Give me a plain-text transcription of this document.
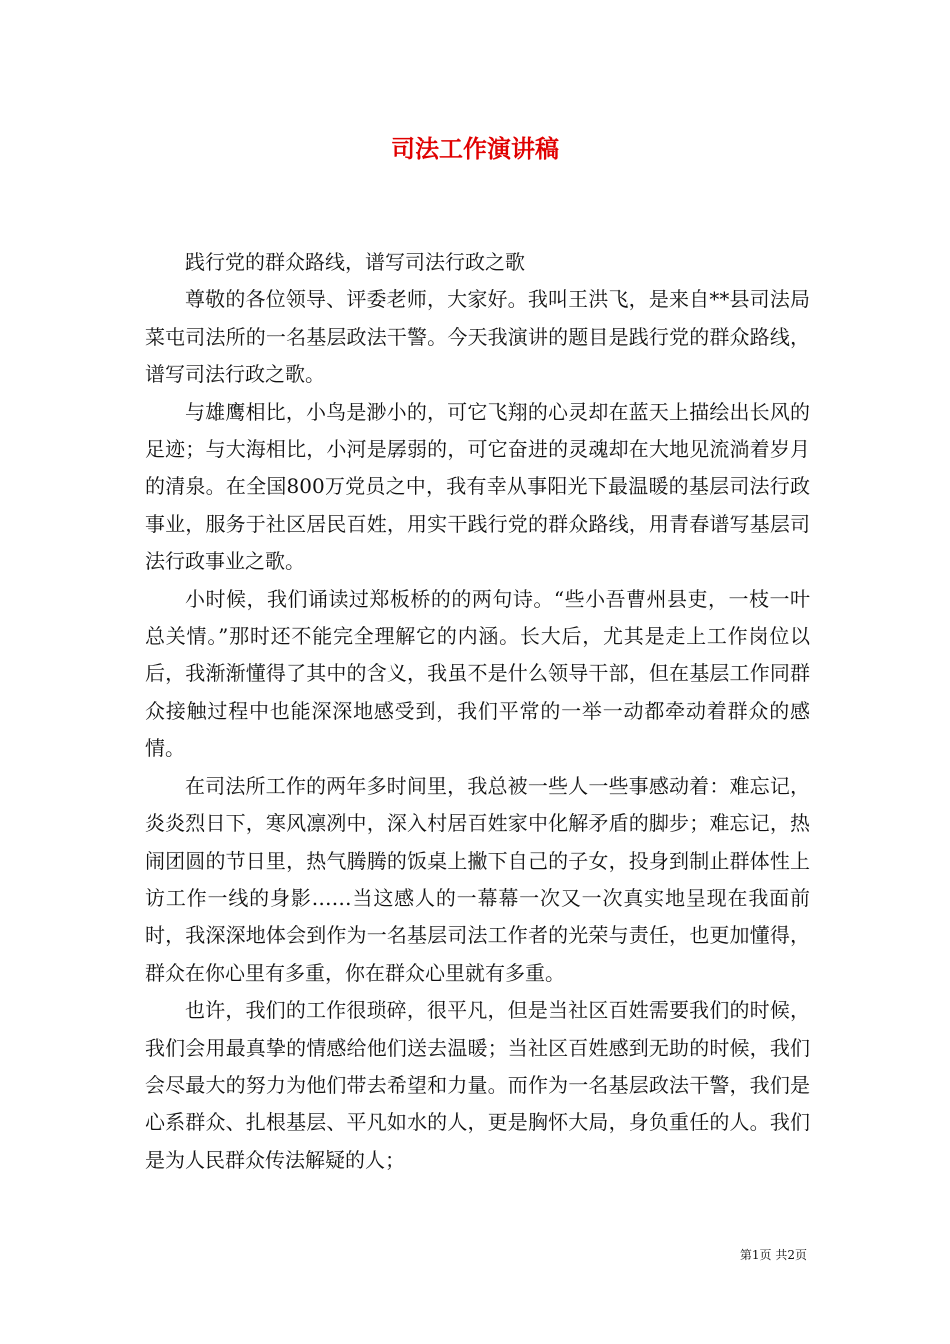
司法工作演讲稿

践行党的群众路线，谱写司法行政之歌

尊敬的各位领导、评委老师，大家好。我叫王洪飞，是来自**县司法局菜屯司法所的一名基层政法干警。今天我演讲的题目是践行党的群众路线，谱写司法行政之歌。

与雄鹰相比，小鸟是渺小的，可它飞翔的心灵却在蓝天上描绘出长风的足迹；与大海相比，小河是孱弱的，可它奋进的灵魂却在大地见流淌着岁月的清泉。在全国800万党员之中，我有幸从事阳光下最温暖的基层司法行政事业，服务于社区居民百姓，用实干践行党的群众路线，用青春谱写基层司法行政事业之歌。

小时候，我们诵读过郑板桥的的两句诗。“些小吾曹州县吏，一枝一叶总关情。”那时还不能完全理解它的内涵。长大后，尤其是走上工作岗位以后，我渐渐懂得了其中的含义，我虽不是什么领导干部，但在基层工作同群众接触过程中也能深深地感受到，我们平常的一举一动都牵动着群众的感情。

在司法所工作的两年多时间里，我总被一些人一些事感动着：难忘记，炎炎烈日下，寒风凛冽中，深入村居百姓家中化解矛盾的脚步；难忘记，热闹团圆的节日里，热气腾腾的饭桌上撇下自己的子女，投身到制止群体性上访工作一线的身影……当这感人的一幕幕一次又一次真实地呈现在我面前时，我深深地体会到作为一名基层司法工作者的光荣与责任，也更加懂得，群众在你心里有多重，你在群众心里就有多重。

也许，我们的工作很琐碎，很平凡，但是当社区百姓需要我们的时候，我们会用最真挚的情感给他们送去温暖；当社区百姓感到无助的时候，我们会尽最大的努力为他们带去希望和力量。而作为一名基层政法干警，我们是心系群众、扎根基层、平凡如水的人，更是胸怀大局，身负重任的人。我们是为人民群众传法解疑的人；

第1页 共2页
